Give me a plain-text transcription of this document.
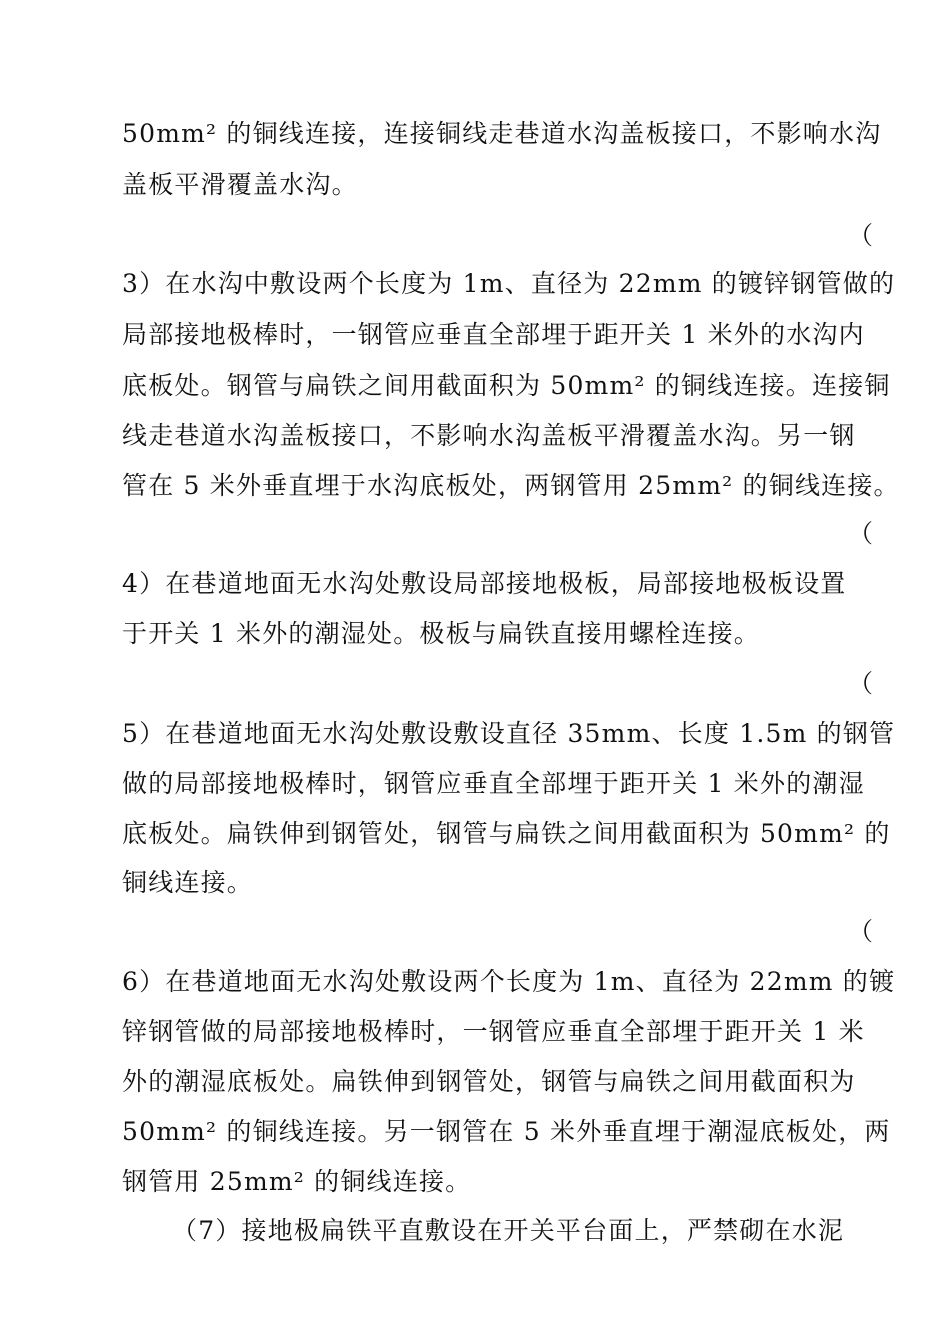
50mm² 的铜线连接，连接铜线走巷道水沟盖板接口，不影响水沟
盖板平滑覆盖水沟。
（
3）在水沟中敷设两个长度为 1m、直径为 22mm 的镀锌钢管做的
局部接地极棒时，一钢管应垂直全部埋于距开关 1 米外的水沟内
底板处。钢管与扁铁之间用截面积为 50mm² 的铜线连接。连接铜
线走巷道水沟盖板接口，不影响水沟盖板平滑覆盖水沟。另一钢
管在 5 米外垂直埋于水沟底板处，两钢管用 25mm² 的铜线连接。
（
4）在巷道地面无水沟处敷设局部接地极板，局部接地极板设置
于开关 1 米外的潮湿处。极板与扁铁直接用螺栓连接。
（
5）在巷道地面无水沟处敷设敷设直径 35mm、长度 1.5m 的钢管
做的局部接地极棒时，钢管应垂直全部埋于距开关 1 米外的潮湿
底板处。扁铁伸到钢管处，钢管与扁铁之间用截面积为 50mm² 的
铜线连接。
（
6）在巷道地面无水沟处敷设两个长度为 1m、直径为 22mm 的镀
锌钢管做的局部接地极棒时，一钢管应垂直全部埋于距开关 1 米
外的潮湿底板处。扁铁伸到钢管处，钢管与扁铁之间用截面积为
50mm² 的铜线连接。另一钢管在 5 米外垂直埋于潮湿底板处，两
钢管用 25mm² 的铜线连接。
（7）接地极扁铁平直敷设在开关平台面上，严禁砌在水泥
